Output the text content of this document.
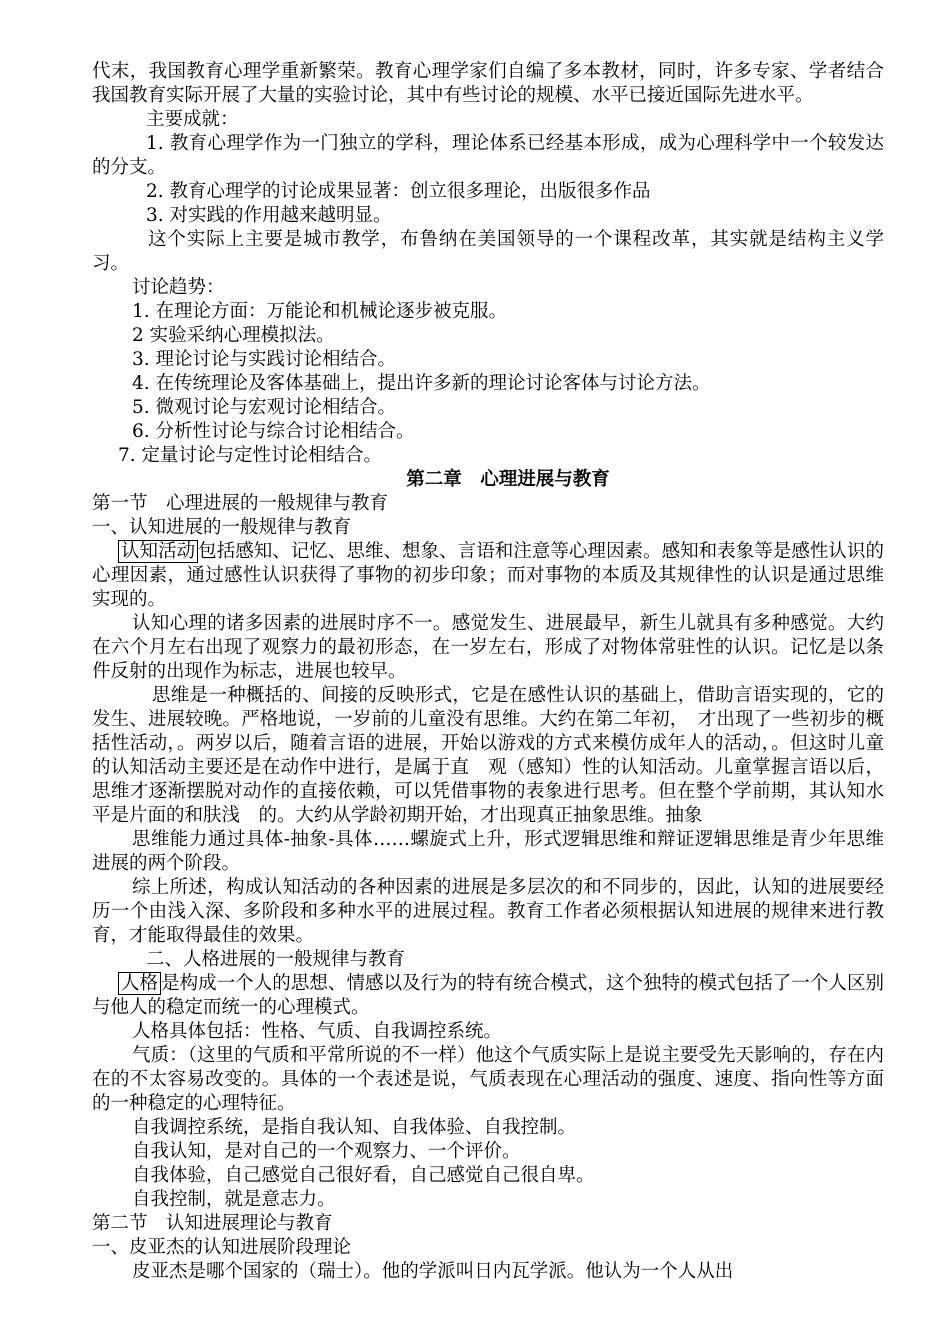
代末，我国教育心理学重新繁荣。教育心理学家们自编了多本教材，同时，许多专家、学者结合我国教育实际开展了大量的实验讨论，其中有些讨论的规模、水平已接近国际先进水平。

主要成就：

1. 教育心理学作为一门独立的学科，理论体系已经基本形成，成为心理科学中一个较发达的分支。

2. 教育心理学的讨论成果显著：创立很多理论，出版很多作品

3. 对实践的作用越来越明显。

这个实际上主要是城市教学，布鲁纳在美国领导的一个课程改革，其实就是结构主义学习。

讨论趋势：

1. 在理论方面：万能论和机械论逐步被克服。

2 实验采纳心理模拟法。

3. 理论讨论与实践讨论相结合。

4. 在传统理论及客体基础上，提出许多新的理论讨论客体与讨论方法。

5. 微观讨论与宏观讨论相结合。

6. 分析性讨论与综合讨论相结合。

7. 定量讨论与定性讨论相结合。

第二章　心理进展与教育

第一节　心理进展的一般规律与教育

一、认知进展的一般规律与教育

认知活动 包括感知、记忆、思维、想象、言语和注意等心理因素。感知和表象等是感性认识的心理因素，通过感性认识获得了事物的初步印象；而对事物的本质及其规律性的认识是通过思维实现的。

认知心理的诸多因素的进展时序不一。感觉发生、进展最早，新生儿就具有多种感觉。大约在六个月左右出现了观察力的最初形态，在一岁左右，形成了对物体常驻性的认识。记忆是以条件反射的出现作为标志，进展也较早。

思维是一种概括的、间接的反映形式，它是在感性认识的基础上，借助言语实现的，它的发生、进展较晚。严格地说，一岁前的儿童没有思维。大约在第二年初，　才出现了一些初步的概括性活动，。两岁以后，随着言语的进展，开始以游戏的方式来模仿成年人的活动，。但这时儿童的认知活动主要还是在动作中进行，是属于直　观（感知）性的认知活动。儿童掌握言语以后，思维才逐渐摆脱对动作的直接依赖，可以凭借事物的表象进行思考。但在整个学前期，其认知水平是片面的和肤浅　的。大约从学龄初期开始，才出现真正抽象思维。抽象

思维能力通过具体-抽象-具体……螺旋式上升，形式逻辑思维和辩证逻辑思维是青少年思维进展的两个阶段。

综上所述，构成认知活动的各种因素的进展是多层次的和不同步的，因此，认知的进展要经历一个由浅入深、多阶段和多种水平的进展过程。教育工作者必须根据认知进展的规律来进行教育，才能取得最佳的效果。

二、人格进展的一般规律与教育

人格 是构成一个人的思想、情感以及行为的特有统合模式，这个独特的模式包括了一个人区别与他人的稳定而统一的心理模式。

人格具体包括：性格、气质、自我调控系统。

气质：（这里的气质和平常所说的不一样）他这个气质实际上是说主要受先天影响的，存在内在的不太容易改变的。具体的一个表述是说，气质表现在心理活动的强度、速度、指向性等方面的一种稳定的心理特征。

自我调控系统，是指自我认知、自我体验、自我控制。

自我认知，是对自己的一个观察力、一个评价。

自我体验，自己感觉自己很好看，自己感觉自己很自卑。

自我控制，就是意志力。

第二节　认知进展理论与教育

一、皮亚杰的认知进展阶段理论

皮亚杰是哪个国家的（瑞士）。他的学派叫日内瓦学派。他认为一个人从出
